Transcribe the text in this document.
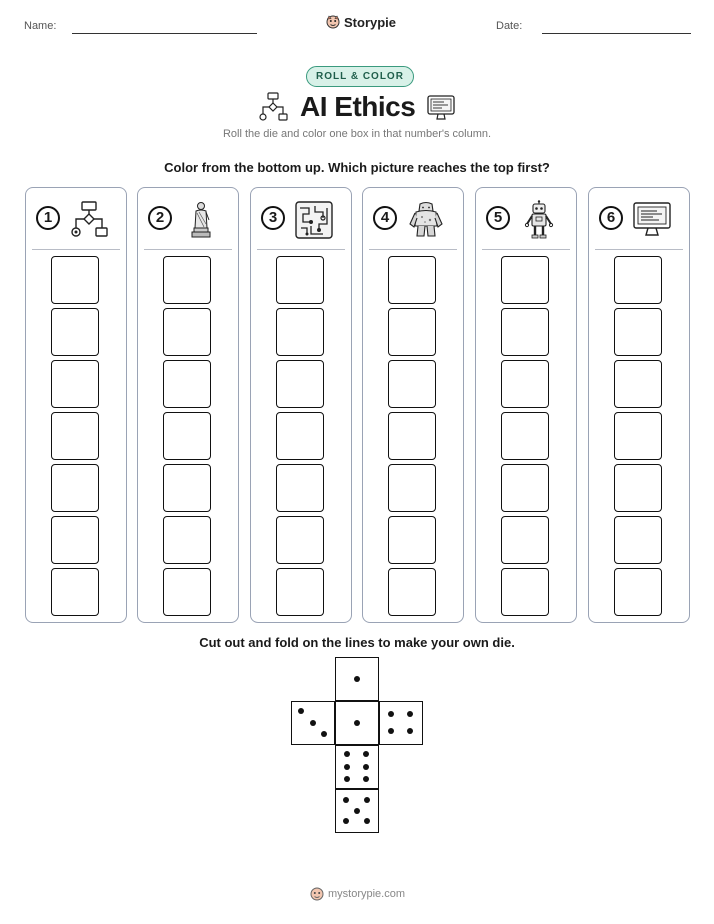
Name:	Storypie	Date:
ROLL & COLOR
AI Ethics
Roll the die and color one box in that number's column.
Color from the bottom up. Which picture reaches the top first?
1	2	3	4	5	6
Cut out and fold on the lines to make your own die.
mystorypie.com
